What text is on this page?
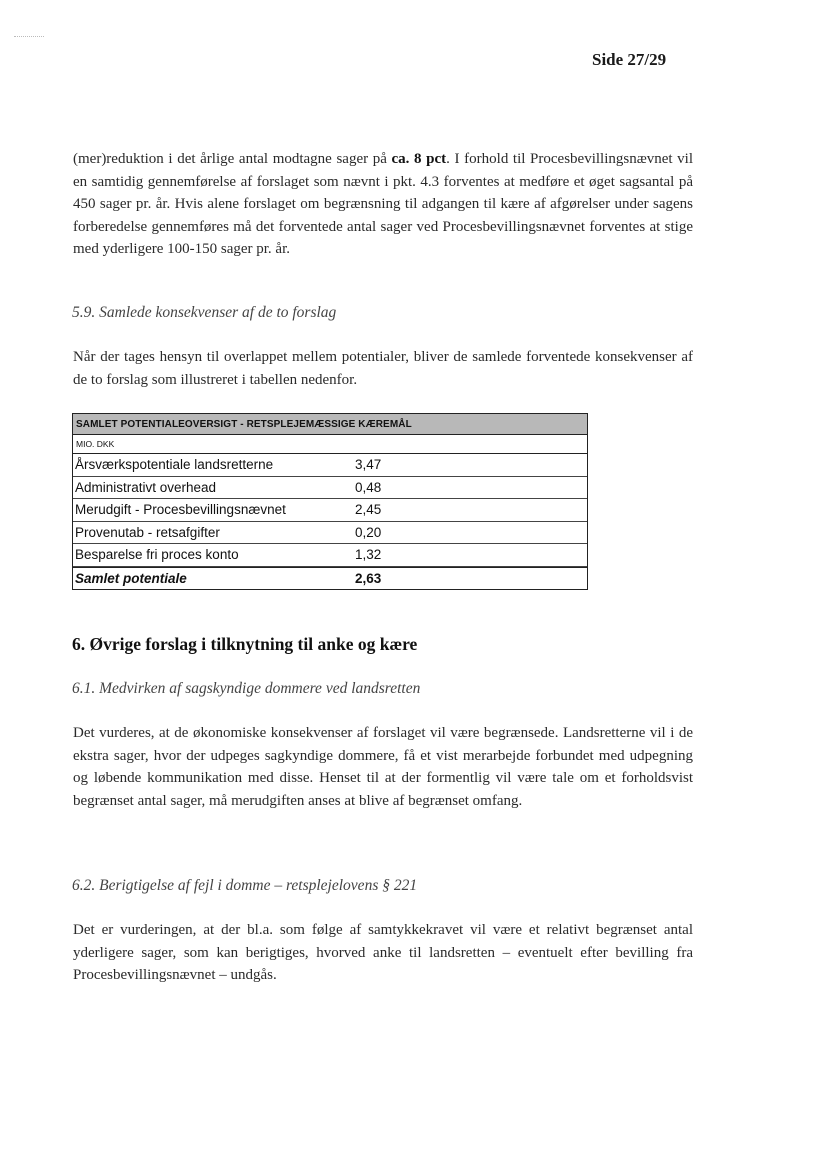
Side 27/29

(mer)reduktion i det årlige antal modtagne sager på ca. 8 pct. I forhold til Procesbevillingsnævnet vil en samtidig gennemførelse af forslaget som nævnt i pkt. 4.3 forventes at medføre et øget sagsantal på 450 sager pr. år. Hvis alene forslaget om begrænsning til adgangen til kære af afgørelser under sagens forberedelse gennemføres må det forventede antal sager ved Procesbevillingsnævnet forventes at stige med yderligere 100-150 sager pr. år.

5.9. Samlede konsekvenser af de to forslag

Når der tages hensyn til overlappet mellem potentialer, bliver de samlede forventede konsekvenser af de to forslag som illustreret i tabellen nedenfor.

SAMLET POTENTIALEOVERSIGT - RETSPLEJEMÆSSIGE KÆREMÅL
MIO. DKK
Årsværkspotentiale landsretterne	3,47
Administrativt overhead	0,48
Merudgift - Procesbevillingsnævnet	2,45
Provenutab - retsafgifter	0,20
Besparelse fri proces konto	1,32
Samlet potentiale	2,63

6. Øvrige forslag i tilknytning til anke og kære

6.1. Medvirken af sagskyndige dommere ved landsretten

Det vurderes, at de økonomiske konsekvenser af forslaget vil være begrænsede. Landsretterne vil i de ekstra sager, hvor der udpeges sagkyndige dommere, få et vist merarbejde forbundet med udpegning og løbende kommunikation med disse. Henset til at der formentlig vil være tale om et forholdsvist begrænset antal sager, må merudgiften anses at blive af begrænset omfang.

6.2. Berigtigelse af fejl i domme – retsplejelovens § 221

Det er vurderingen, at der bl.a. som følge af samtykkekravet vil være et relativt begrænset antal yderligere sager, som kan berigtiges, hvorved anke til landsretten – eventuelt efter bevilling fra Procesbevillingsnævnet – undgås.
